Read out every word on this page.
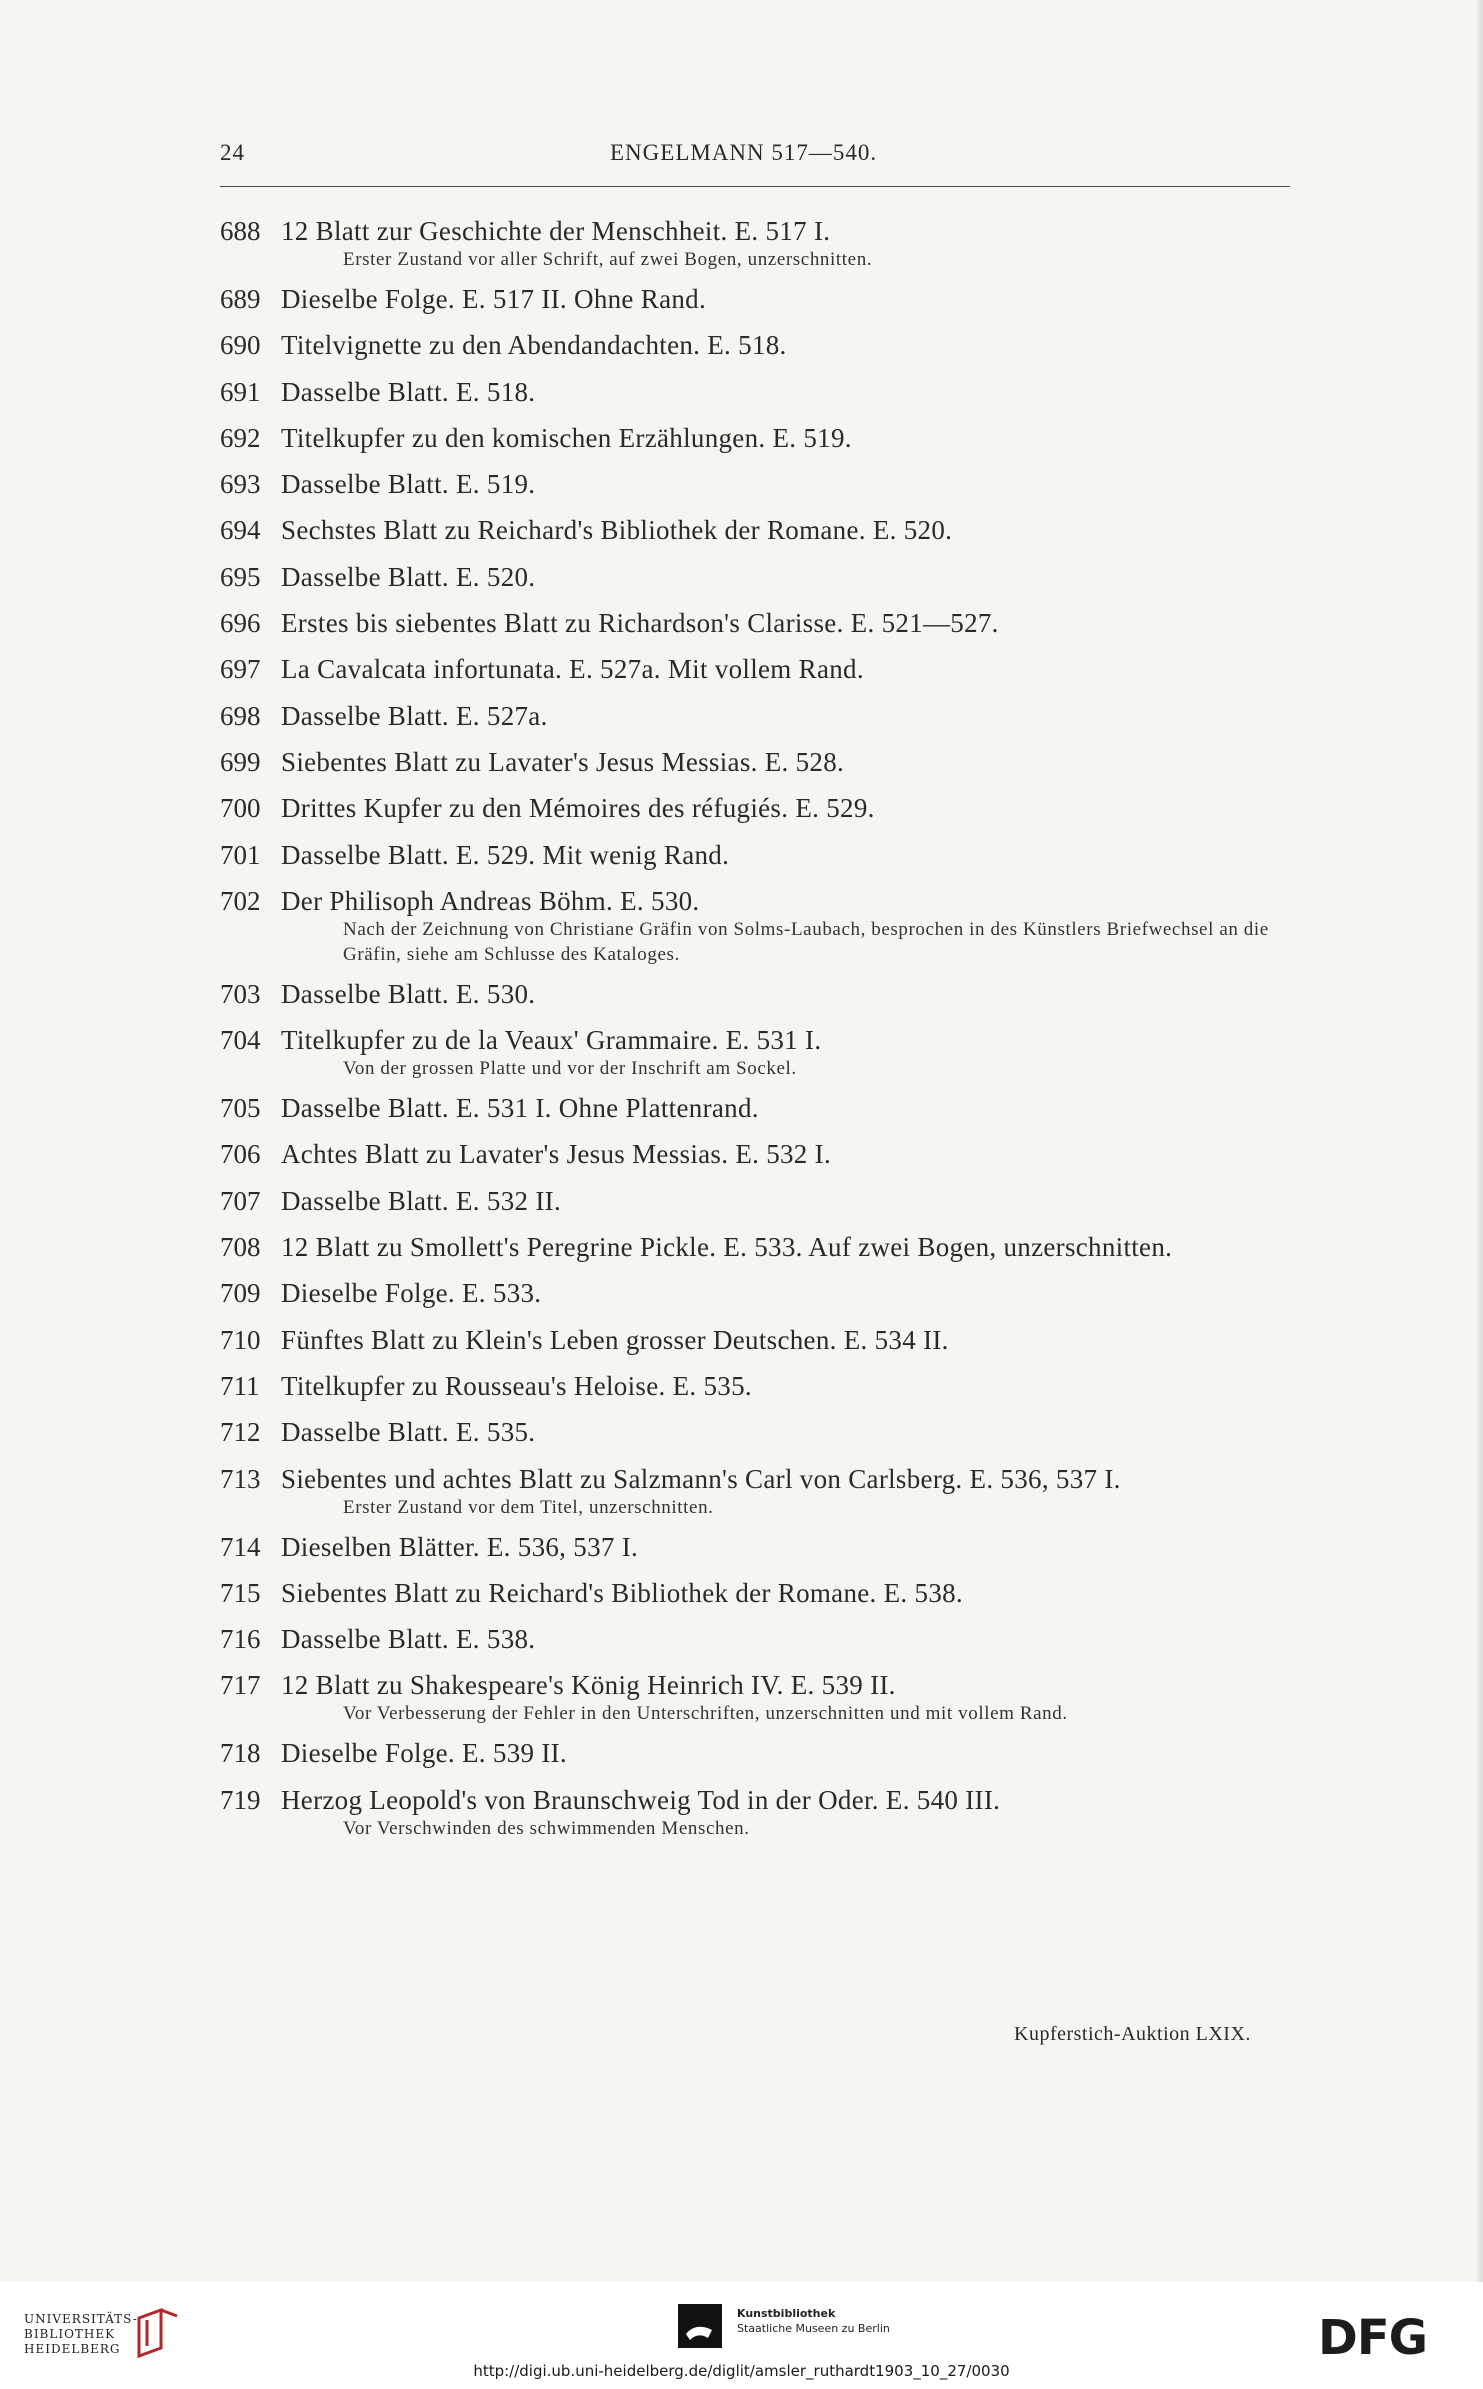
24	ENGELMANN 517—540.
688 12 Blatt zur Geschichte der Menschheit. E. 517 I.
Erster Zustand vor aller Schrift, auf zwei Bogen, unzerschnitten.
689 Dieselbe Folge. E. 517 II. Ohne Rand.
690 Titelvignette zu den Abendandachten. E. 518.
691 Dasselbe Blatt. E. 518.
692 Titelkupfer zu den komischen Erzählungen. E. 519.
693 Dasselbe Blatt. E. 519.
694 Sechstes Blatt zu Reichard's Bibliothek der Romane. E. 520.
695 Dasselbe Blatt. E. 520.
696 Erstes bis siebentes Blatt zu Richardson's Clarisse. E. 521—527.
697 La Cavalcata infortunata. E. 527a. Mit vollem Rand.
698 Dasselbe Blatt. E. 527a.
699 Siebentes Blatt zu Lavater's Jesus Messias. E. 528.
700 Drittes Kupfer zu den Mémoires des réfugiés. E. 529.
701 Dasselbe Blatt. E. 529. Mit wenig Rand.
702 Der Philisoph Andreas Böhm. E. 530.
Nach der Zeichnung von Christiane Gräfin von Solms-Laubach, besprochen in des Künstlers Briefwechsel an die Gräfin, siehe am Schlusse des Kataloges.
703 Dasselbe Blatt. E. 530.
704 Titelkupfer zu de la Veaux' Grammaire. E. 531 I.
Von der grossen Platte und vor der Inschrift am Sockel.
705 Dasselbe Blatt. E. 531 I. Ohne Plattenrand.
706 Achtes Blatt zu Lavater's Jesus Messias. E. 532 I.
707 Dasselbe Blatt. E. 532 II.
708 12 Blatt zu Smollett's Peregrine Pickle. E. 533. Auf zwei Bogen, unzerschnitten.
709 Dieselbe Folge. E. 533.
710 Fünftes Blatt zu Klein's Leben grosser Deutschen. E. 534 II.
711 Titelkupfer zu Rousseau's Heloise. E. 535.
712 Dasselbe Blatt. E. 535.
713 Siebentes und achtes Blatt zu Salzmann's Carl von Carlsberg. E. 536, 537 I.
Erster Zustand vor dem Titel, unzerschnitten.
714 Dieselben Blätter. E. 536, 537 I.
715 Siebentes Blatt zu Reichard's Bibliothek der Romane. E. 538.
716 Dasselbe Blatt. E. 538.
717 12 Blatt zu Shakespeare's König Heinrich IV. E. 539 II.
Vor Verbesserung der Fehler in den Unterschriften, unzerschnitten und mit vollem Rand.
718 Dieselbe Folge. E. 539 II.
719 Herzog Leopold's von Braunschweig Tod in der Oder. E. 540 III.
Vor Verschwinden des schwimmenden Menschen.
Kupferstich-Auktion LXIX.
UNIVERSITÄTS-
BIBLIOTHEK
HEIDELBERG
Kunstbibliothek
Staatliche Museen zu Berlin	DFG
http://digi.ub.uni-heidelberg.de/diglit/amsler_ruthardt1903_10_27/0030
